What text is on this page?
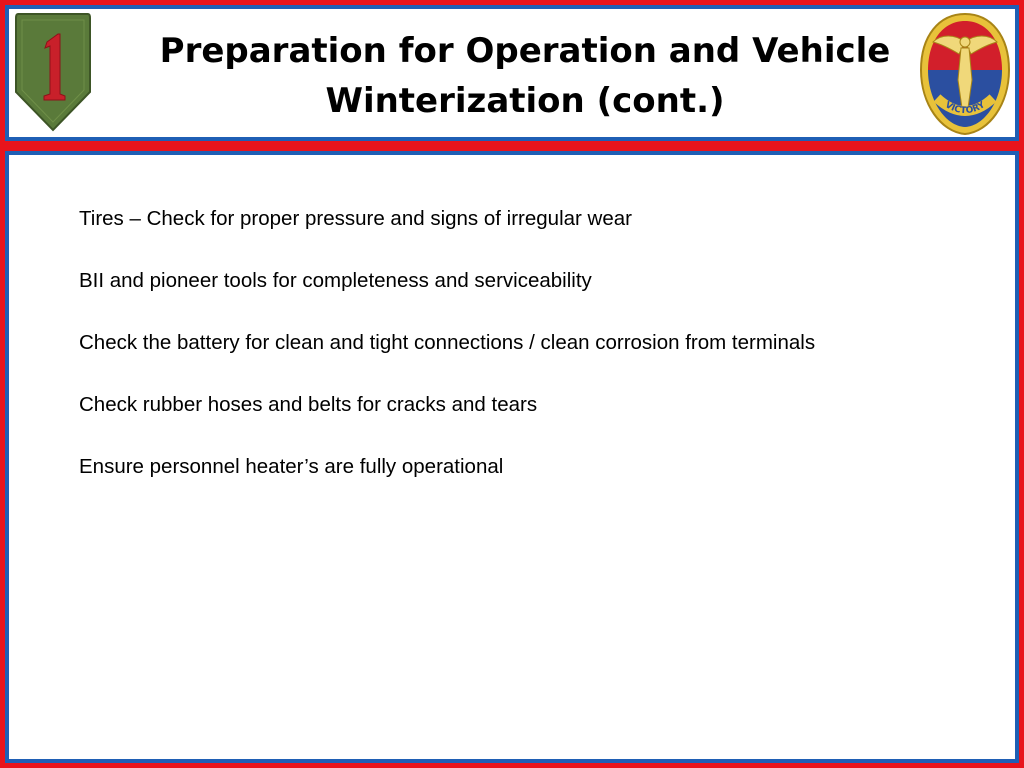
Preparation for Operation and Vehicle Winterization (cont.)	VICTORY

Tires – Check for proper pressure and signs of irregular wear

BII and pioneer tools for completeness and serviceability

Check the battery for clean and tight connections / clean corrosion from terminals

Check rubber hoses and belts for cracks and tears

Ensure personnel heater’s are fully operational
